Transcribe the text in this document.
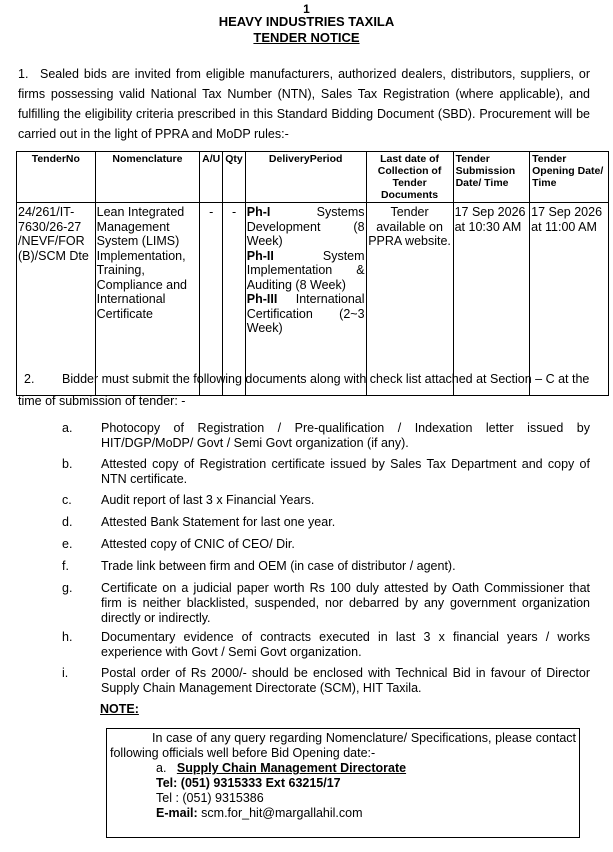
1
HEAVY INDUSTRIES TAXILA
TENDER NOTICE
1. Sealed bids are invited from eligible manufacturers, authorized dealers, distributors, suppliers, or firms possessing valid National Tax Number (NTN), Sales Tax Registration (where applicable), and fulfilling the eligibility criteria prescribed in this Standard Bidding Document (SBD). Procurement will be carried out in the light of PPRA and MoDP rules:-

TenderNo	Nomenclature	A/U	Qty	DeliveryPeriod	Last date of Collection of Tender Documents	Tender Submission Date/ Time	Tender Opening Date/ Time
24/261/IT-7630/26-27 /NEVF/FOR (B)/SCM Dte	Lean Integrated Management System (LIMS) Implementation, Training, Compliance and International Certificate	-	-	Ph-I Systems Development (8 Week)
Ph-II System Implementation & Auditing (8 Week)
Ph-III International Certification (2~3 Week)	Tender available on PPRA website.	17 Sep 2026 at 10:30 AM	17 Sep 2026 at 11:00 AM
2.	Bidder must submit the following documents along with check list attached at Section – C at the time of submission of tender: -

a. Photocopy of Registration / Pre-qualification / Indexation letter issued by HIT/DGP/MoDP/ Govt / Semi Govt organization (if any).
b. Attested copy of Registration certificate issued by Sales Tax Department and copy of NTN certificate.
c. Audit report of last 3 x Financial Years.
d. Attested Bank Statement for last one year.
e. Attested copy of CNIC of CEO/ Dir.
f.	Trade link between firm and OEM (in case of distributor / agent).
g. Certificate on a judicial paper worth Rs 100 duly attested by Oath Commissioner that firm is neither blacklisted, suspended, nor debarred by any government organization directly or indirectly.
h. Documentary evidence of contracts executed in last 3 x financial years / works experience with Govt / Semi Govt organization.
i.	Postal order of Rs 2000/- should be enclosed with Technical Bid in favour of Director Supply Chain Management Directorate (SCM), HIT Taxila.
NOTE:

In case of any query regarding Nomenclature/ Specifications, please contact following officials well before Bid Opening date:-

a. Supply Chain Management Directorate
Tel: (051) 9315333 Ext 63215/17
Tel : (051) 9315386
E-mail: scm.for_hit@margallahil.com
